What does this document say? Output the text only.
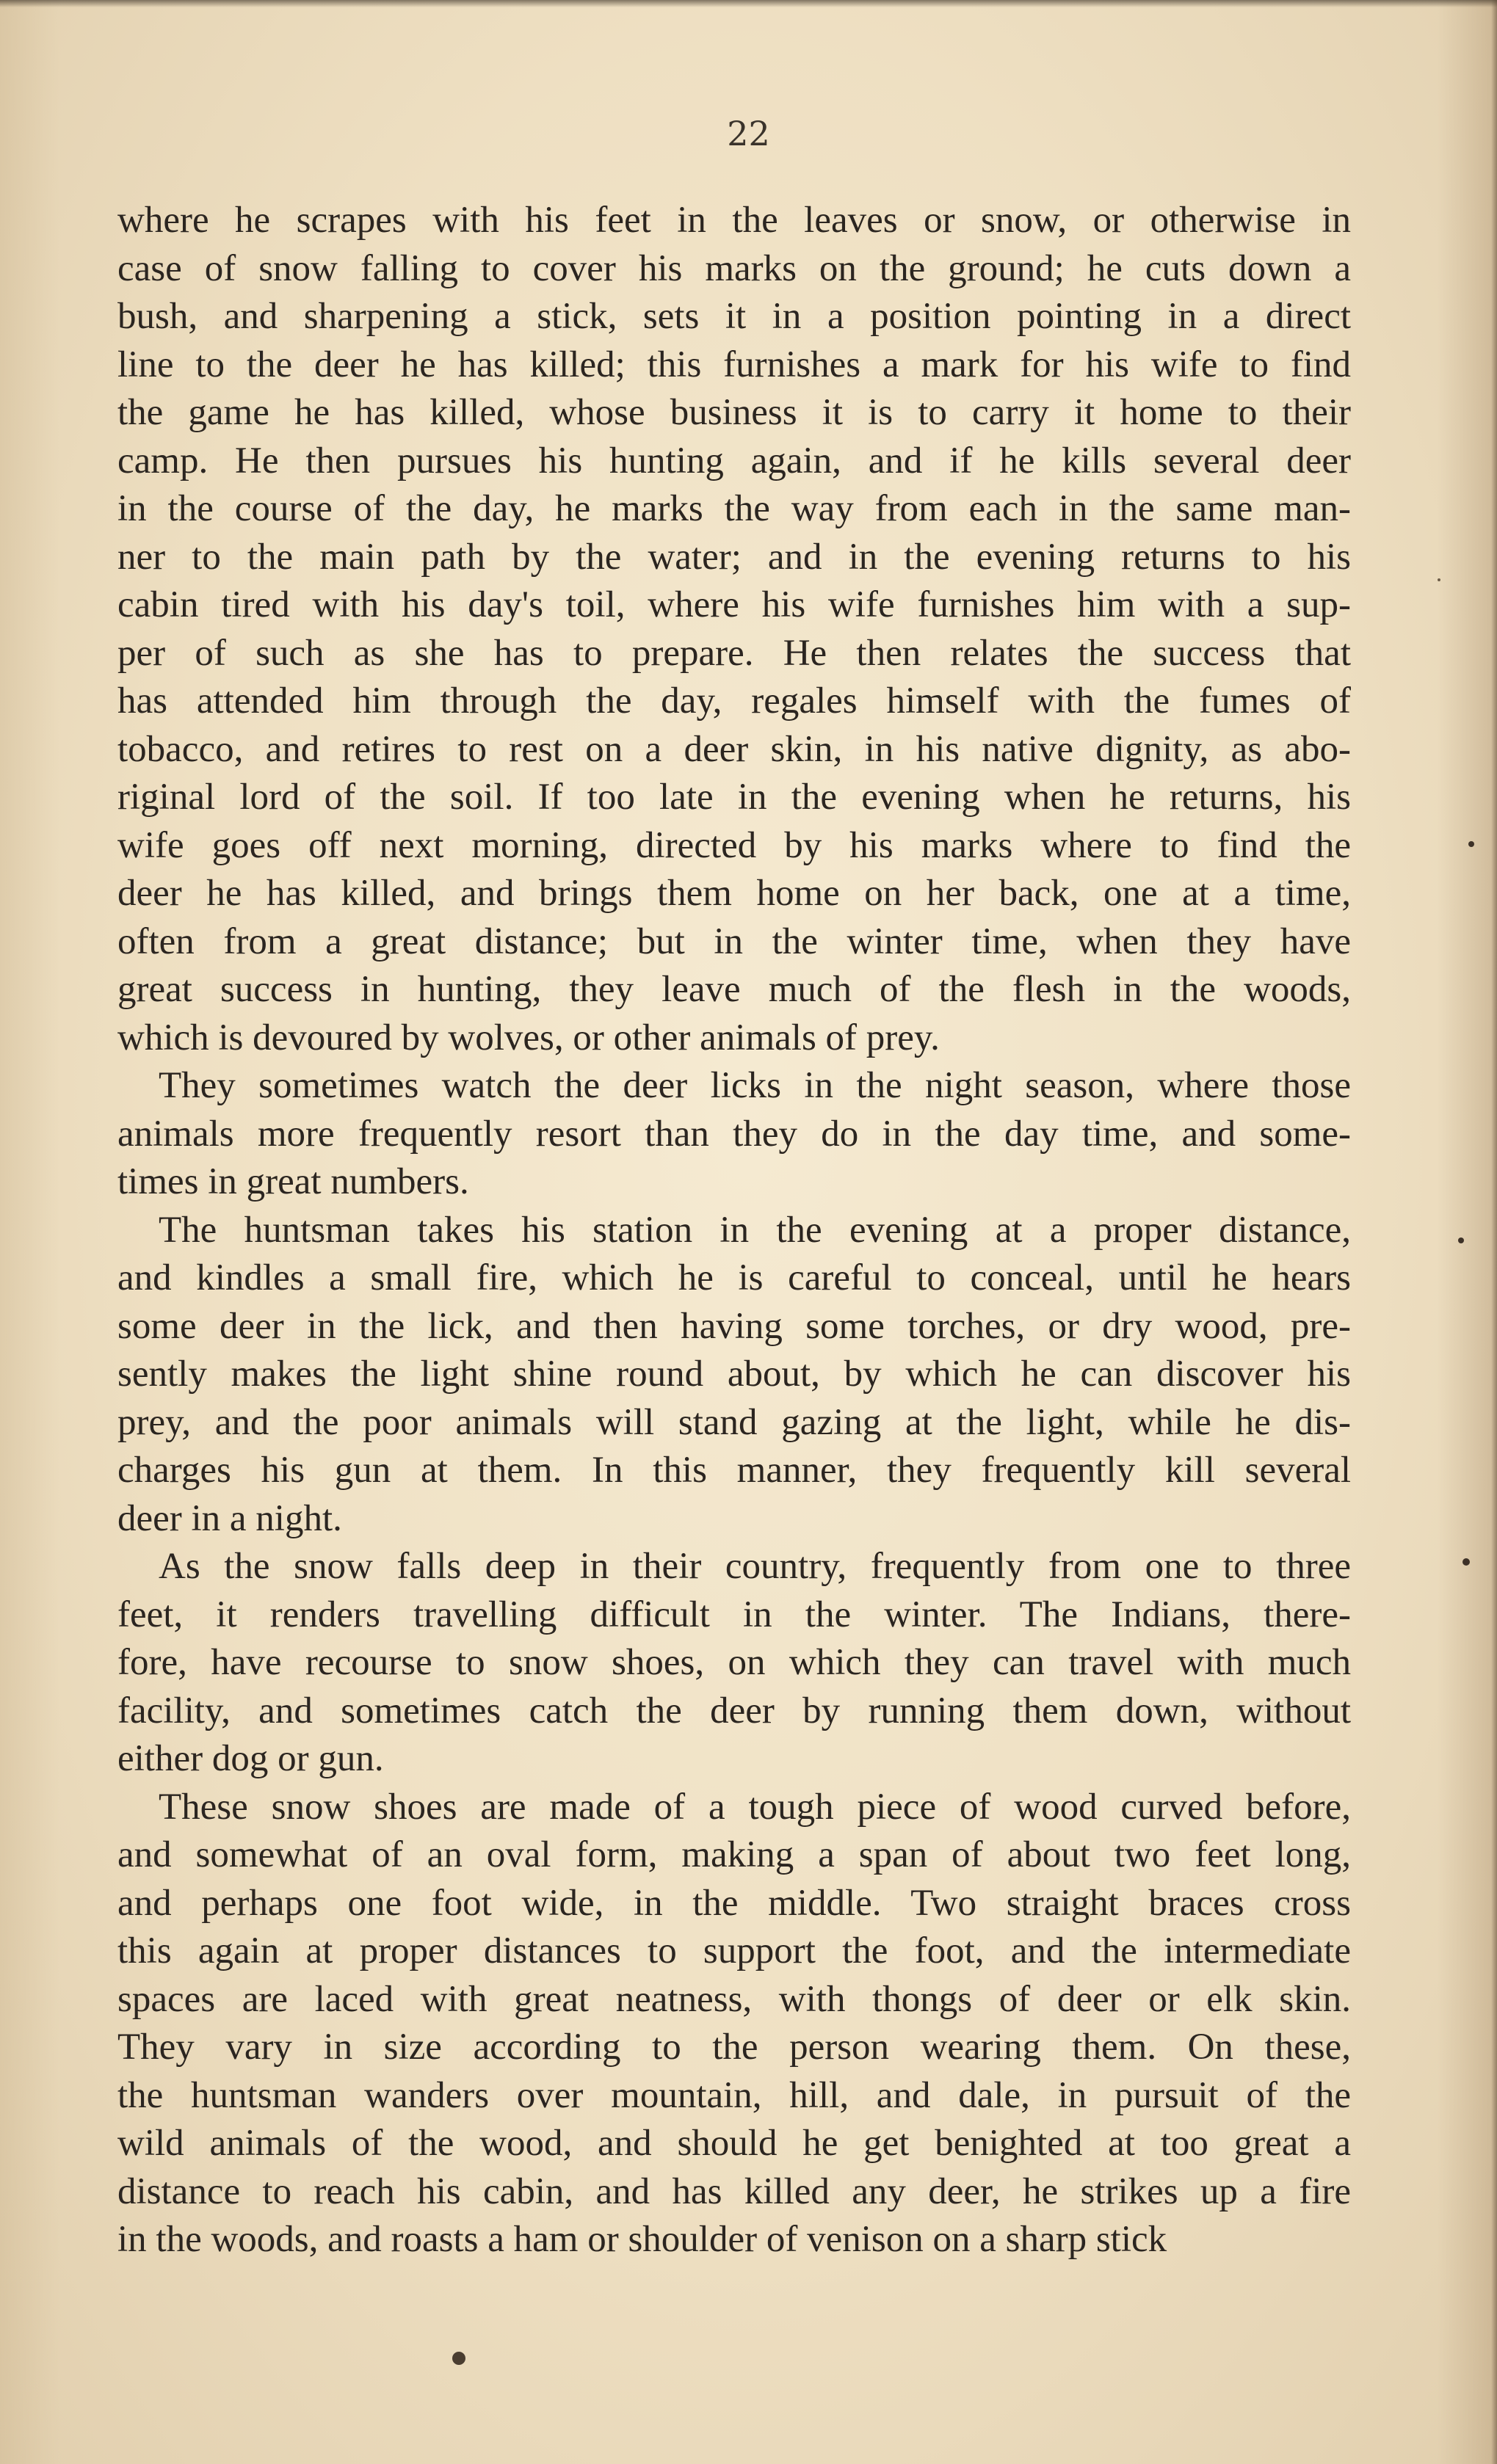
22
where he scrapes with his feet in the leaves or snow, or otherwise in
case of snow falling to cover his marks on the ground; he cuts down a
bush, and sharpening a stick, sets it in a position pointing in a direct
line to the deer he has killed; this furnishes a mark for his wife to find
the game he has killed, whose business it is to carry it home to their
camp. He then pursues his hunting again, and if he kills several deer
in the course of the day, he marks the way from each in the same man-
ner to the main path by the water; and in the evening returns to his
cabin tired with his day's toil, where his wife furnishes him with a sup-
per of such as she has to prepare. He then relates the success that
has attended him through the day, regales himself with the fumes of
tobacco, and retires to rest on a deer skin, in his native dignity, as abo-
riginal lord of the soil. If too late in the evening when he returns, his
wife goes off next morning, directed by his marks where to find the
deer he has killed, and brings them home on her back, one at a time,
often from a great distance; but in the winter time, when they have
great success in hunting, they leave much of the flesh in the woods,
which is devoured by wolves, or other animals of prey.
They sometimes watch the deer licks in the night season, where those
animals more frequently resort than they do in the day time, and some-
times in great numbers.
The huntsman takes his station in the evening at a proper distance,
and kindles a small fire, which he is careful to conceal, until he hears
some deer in the lick, and then having some torches, or dry wood, pre-
sently makes the light shine round about, by which he can discover his
prey, and the poor animals will stand gazing at the light, while he dis-
charges his gun at them. In this manner, they frequently kill several
deer in a night.
As the snow falls deep in their country, frequently from one to three
feet, it renders travelling difficult in the winter. The Indians, there-
fore, have recourse to snow shoes, on which they can travel with much
facility, and sometimes catch the deer by running them down, without
either dog or gun.
These snow shoes are made of a tough piece of wood curved before,
and somewhat of an oval form, making a span of about two feet long,
and perhaps one foot wide, in the middle. Two straight braces cross
this again at proper distances to support the foot, and the intermediate
spaces are laced with great neatness, with thongs of deer or elk skin.
They vary in size according to the person wearing them. On these,
the huntsman wanders over mountain, hill, and dale, in pursuit of the
wild animals of the wood, and should he get benighted at too great a
distance to reach his cabin, and has killed any deer, he strikes up a fire
in the woods, and roasts a ham or shoulder of venison on a sharp stick
